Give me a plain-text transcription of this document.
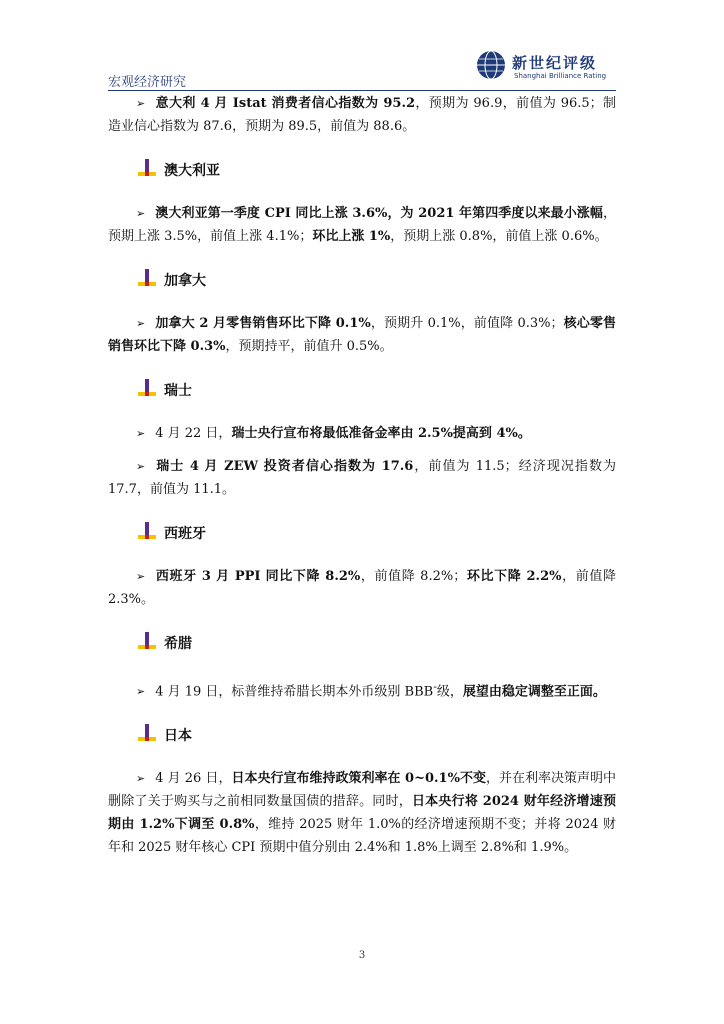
宏观经济研究
新世纪评级
Shanghai Brilliance Rating

➢ 意大利 4 月 Istat 消费者信心指数为 95.2，预期为 96.9，前值为 96.5；制造业信心指数为 87.6，预期为 89.5，前值为 88.6。

澳大利亚

➢ 澳大利亚第一季度 CPI 同比上涨 3.6%，为 2021 年第四季度以来最小涨幅，预期上涨 3.5%，前值上涨 4.1%；环比上涨 1%，预期上涨 0.8%，前值上涨 0.6%。

加拿大

➢ 加拿大 2 月零售销售环比下降 0.1%，预期升 0.1%，前值降 0.3%；核心零售销售环比下降 0.3%，预期持平，前值升 0.5%。

瑞士

➢ 4 月 22 日，瑞士央行宣布将最低准备金率由 2.5%提高到 4%。

➢ 瑞士 4 月 ZEW 投资者信心指数为 17.6，前值为 11.5；经济现况指数为 17.7，前值为 11.1。

西班牙

➢ 西班牙 3 月 PPI 同比下降 8.2%，前值降 8.2%；环比下降 2.2%，前值降 2.3%。

希腊

➢ 4 月 19 日，标普维持希腊长期本外币级别 BBB-级，展望由稳定调整至正面。

日本

➢ 4 月 26 日，日本央行宣布维持政策利率在 0~0.1%不变，并在利率决策声明中删除了关于购买与之前相同数量国债的措辞。同时，日本央行将 2024 财年经济增速预期由 1.2%下调至 0.8%，维持 2025 财年 1.0%的经济增速预期不变；并将 2024 财年和 2025 财年核心 CPI 预期中值分别由 2.4%和 1.8%上调至 2.8%和 1.9%。

3
